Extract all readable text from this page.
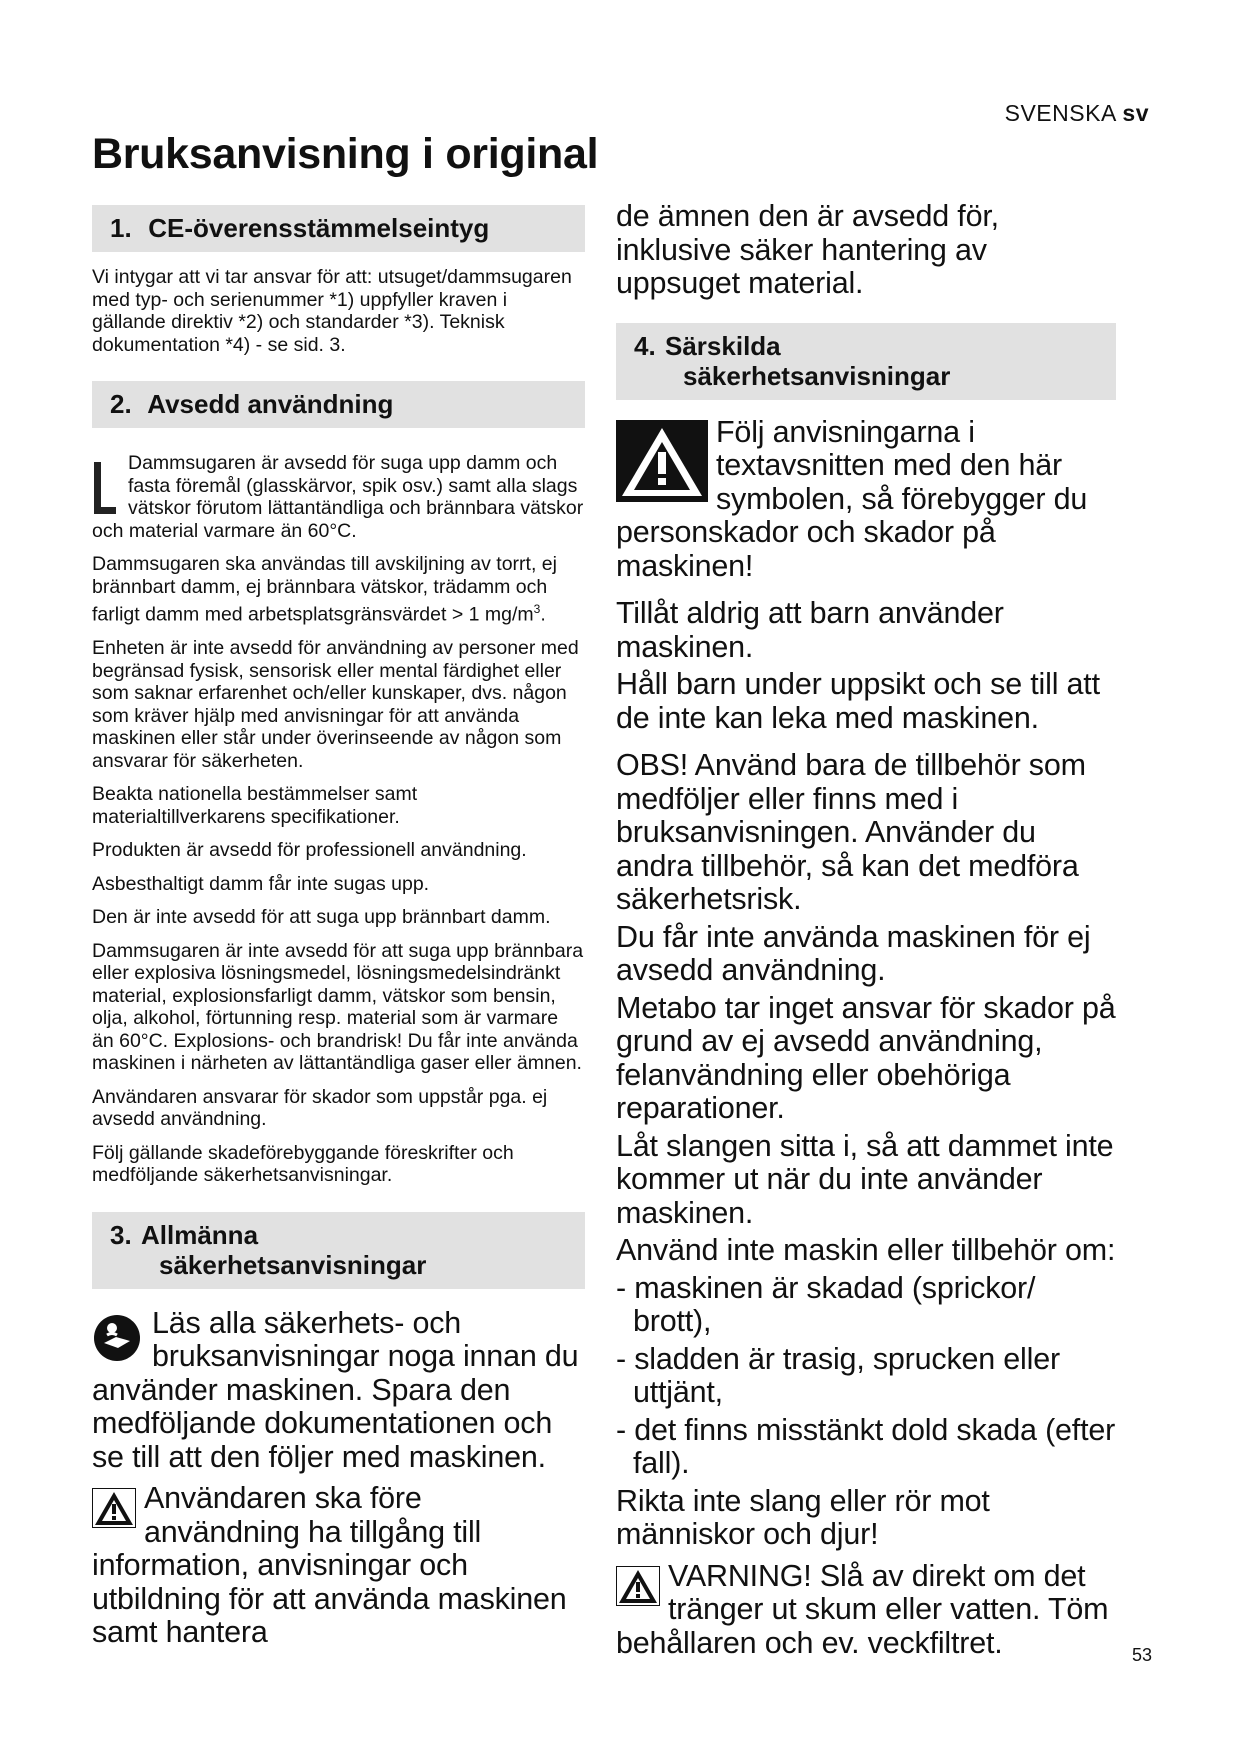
SVENSKA sv
Bruksanvisning i original
1. CE-överensstämmelseintyg

Vi intygar att vi tar ansvar för att: utsuget/dammsugaren med typ- och serienummer *1) uppfyller kraven i gällande direktiv *2) och standarder *3). Teknisk dokumentation *4) - se sid. 3.

2. Avsedd användning
Dammsugaren är avsedd för suga upp damm och fasta föremål (glasskärvor, spik osv.) samt alla slags vätskor förutom lättantändliga och brännbara vätskor och material varmare än 60°C.

Dammsugaren ska användas till avskiljning av torrt, ej brännbart damm, ej brännbara vätskor, trädamm och farligt damm med arbetsplatsgränsvärdet > 1 $mg/m^3$.

Enheten är inte avsedd för användning av personer med begränsad fysisk, sensorisk eller mental färdighet eller som saknar erfarenhet och/eller kunskaper, dvs. någon som kräver hjälp med anvisningar för att använda maskinen eller står under överinseende av någon som ansvarar för säkerheten.

Beakta nationella bestämmelser samt materialtillverkarens specifikationer.

Produkten är avsedd för professionell användning.

Asbesthaltigt damm får inte sugas upp.

Den är inte avsedd för att suga upp brännbart damm.

Dammsugaren är inte avsedd för att suga upp brännbara eller explosiva lösningsmedel, lösningsmedelsindränkt material, explosionsfarligt damm, vätskor som bensin, olja, alkohol, förtunning resp. material som är varmare än 60°C. Explosions- och brandrisk! Du får inte använda maskinen i närheten av lättantändliga gaser eller ämnen.

Användaren ansvarar för skador som uppstår pga. ej avsedd användning.

Följ gällande skadeförebyggande föreskrifter och medföljande säkerhetsanvisningar.

3. Allmänna
säkerhetsanvisningar
Läs alla säkerhets- och bruksanvisningar noga innan du använder maskinen. Spara den medföljande dokumentationen och se till att den följer med maskinen.
Användaren ska före användning ha tillgång till information, anvisningar och utbildning för att använda maskinen samt hantera

de ämnen den är avsedd för, inklusive säker hantering av uppsuget material.

4. Särskilda
säkerhetsanvisningar
Följ anvisningarna i textavsnitten med den här symbolen, så förebygger du personskador och skador på maskinen!

Tillåt aldrig att barn använder maskinen.

Håll barn under uppsikt och se till att de inte kan leka med maskinen.

OBS! Använd bara de tillbehör som medföljer eller finns med i bruksanvisningen. Använder du andra tillbehör, så kan det medföra säkerhetsrisk.

Du får inte använda maskinen för ej avsedd användning.

Metabo tar inget ansvar för skador på grund av ej avsedd användning, felanvändning eller obehöriga reparationer.

Låt slangen sitta i, så att dammet inte kommer ut när du inte använder maskinen.

Använd inte maskin eller tillbehör om:

- maskinen är skadad (sprickor/ brott),

- sladden är trasig, sprucken eller uttjänt,

- det finns misstänkt dold skada (efter fall).

Rikta inte slang eller rör mot människor och djur!

VARNING! Slå av direkt om det tränger ut skum eller vatten. Töm behållaren och ev. veckfiltret.	53
